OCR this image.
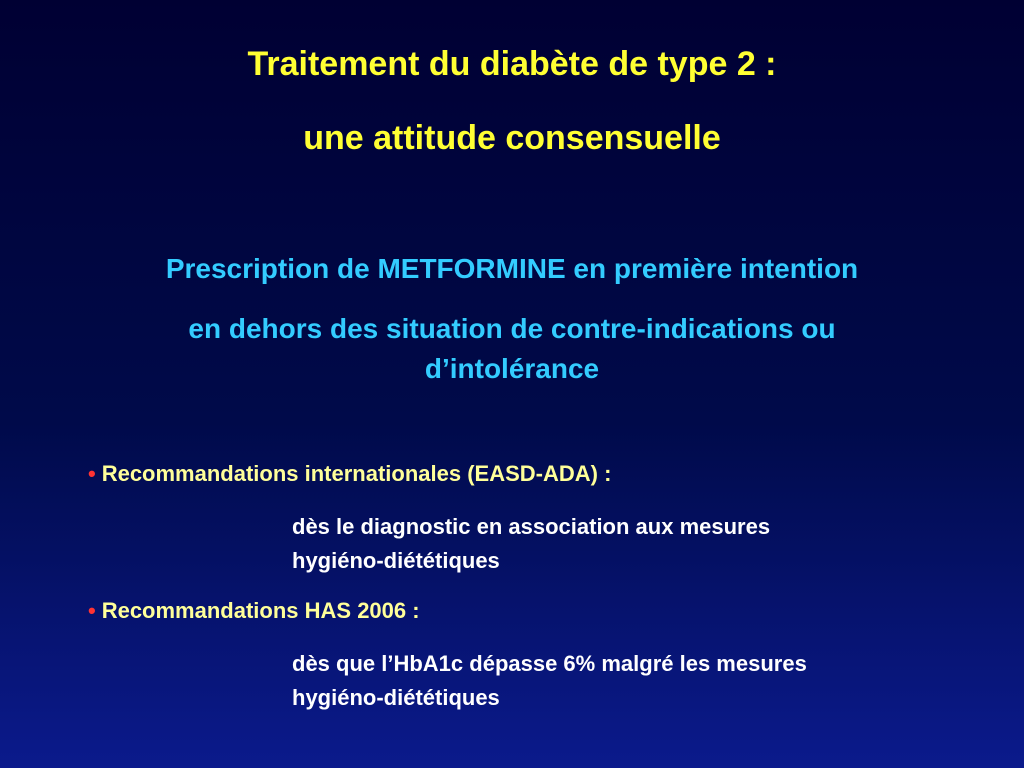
Traitement du diabète de type 2 :
une attitude consensuelle
Prescription de METFORMINE en première intention
en dehors des situation de contre-indications ou
d’intolérance
• Recommandations internationales (EASD-ADA) :
dès le diagnostic en association aux mesures
hygiéno-diététiques
• Recommandations HAS 2006 :
dès que l’HbA1c dépasse 6% malgré les mesures
hygiéno-diététiques
